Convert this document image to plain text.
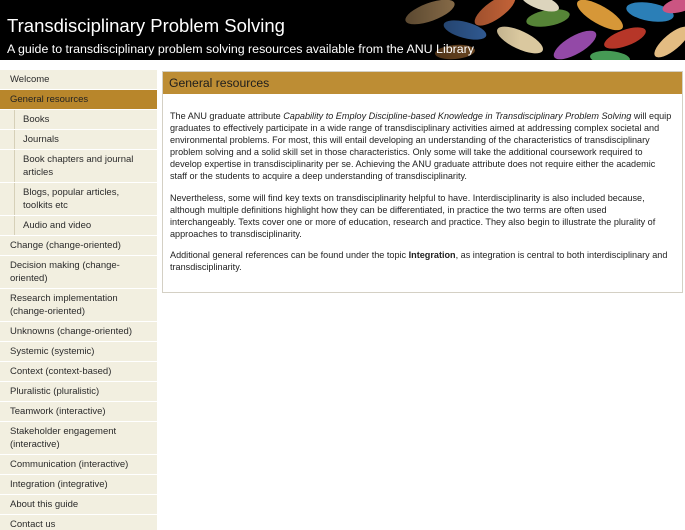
Transdisciplinary Problem Solving
A guide to transdisciplinary problem solving resources available from the ANU Library
Welcome
General resources
Books
Journals
Book chapters and journal articles
Blogs, popular articles, toolkits etc
Audio and video
Change (change-oriented)
Decision making (change-oriented)
Research implementation (change-oriented)
Unknowns (change-oriented)
Systemic (systemic)
Context (context-based)
Pluralistic (pluralistic)
Teamwork (interactive)
Stakeholder engagement (interactive)
Communication (interactive)
Integration (integrative)
About this guide
Contact us
General resources

The ANU graduate attribute Capability to Employ Discipline-based Knowledge in Transdisciplinary Problem Solving will equip graduates to effectively participate in a wide range of transdisciplinary activities aimed at addressing complex societal and environmental problems. For most, this will entail developing an understanding of the characteristics of transdisciplinary problem solving and a solid skill set in those characteristics. Only some will take the additional coursework required to develop expertise in transdisciplinarity per se. Achieving the ANU graduate attribute does not require either the academic staff or the students to acquire a deep understanding of transdisciplinarity.

Nevertheless, some will find key texts on transdisciplinarity helpful to have. Interdisciplinarity is also included because, although multiple definitions highlight how they can be differentiated, in practice the two terms are often used interchangeably. Texts cover one or more of education, research and practice. They also begin to illustrate the plurality of approaches to transdisciplinarity.

Additional general references can be found under the topic Integration, as integration is central to both interdisciplinary and transdisciplinarity.
